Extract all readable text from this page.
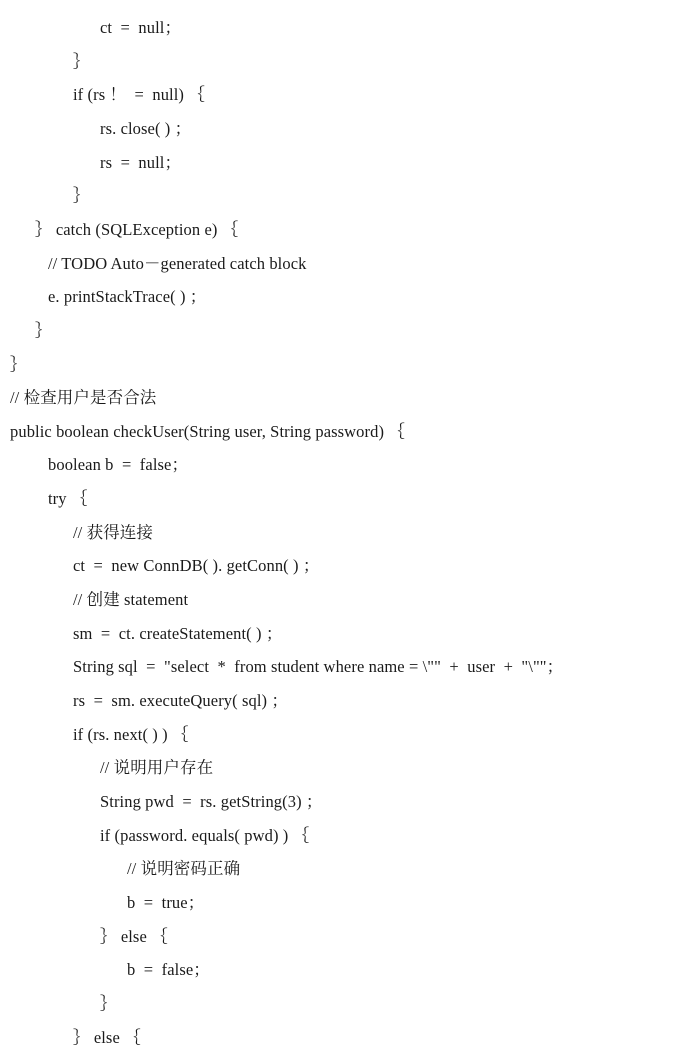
ct  =  null；
｝
if (rs ！  =  null) ｛
rs. close( ) ；
rs  =  null；
｝
｝ catch (SQLException e) ｛
// TODO Auto－generated catch block
e. printStackTrace( ) ；
｝
｝
// 检查用户是否合法
public boolean checkUser(String user, String password) ｛
boolean b  =  false；
try ｛
// 获得连接
ct  =  new ConnDB( ). getConn( ) ；
// 创建 statement
sm  =  ct. createStatement( ) ；
String sql  =  "select  *  from student where name = \""  +  user  +  "\""；
rs  =  sm. executeQuery( sql) ；
if (rs. next( ) ) ｛
// 说明用户存在
String pwd  =  rs. getString(3) ；
if (password. equals( pwd) ) ｛
// 说明密码正确
b  =  true；
｝ else ｛
b  =  false；
｝
｝ else ｛
